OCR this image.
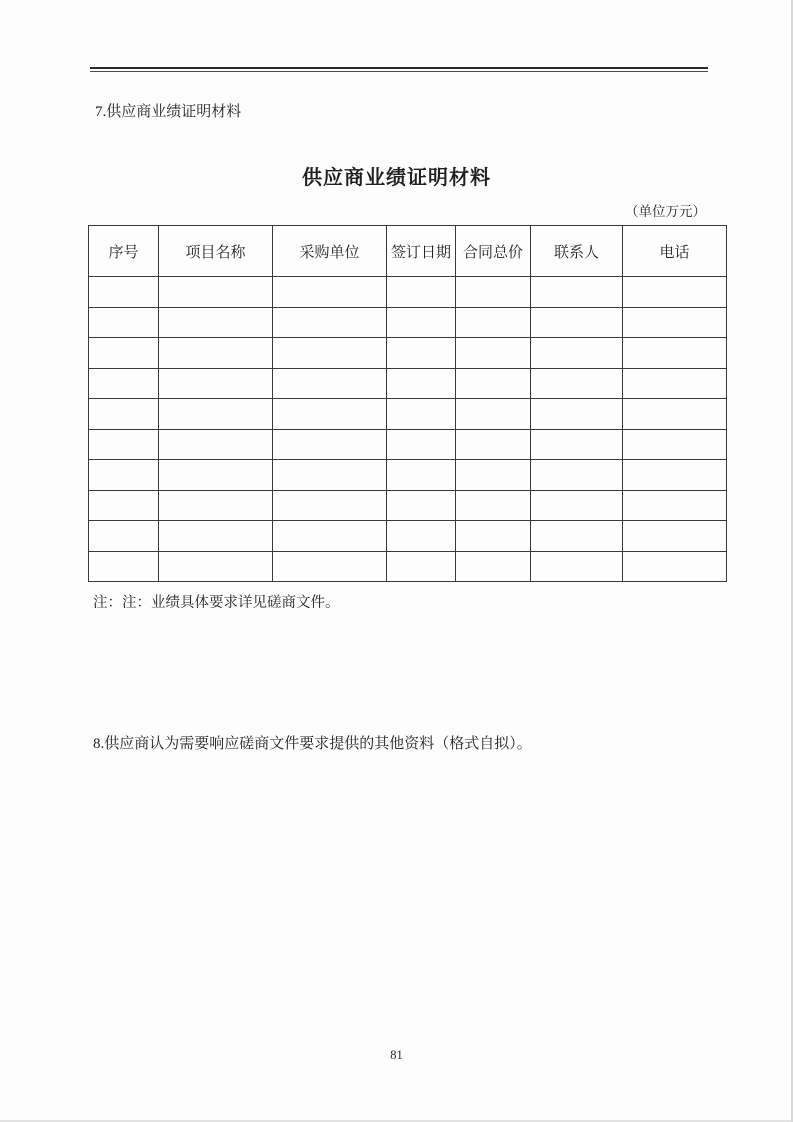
7.供应商业绩证明材料
供应商业绩证明材料
（单位万元）
序号	项目名称	采购单位	签订日期	合同总价	联系人	电话

注：注：业绩具体要求详见磋商文件。
8.供应商认为需要响应磋商文件要求提供的其他资料（格式自拟）。
81
